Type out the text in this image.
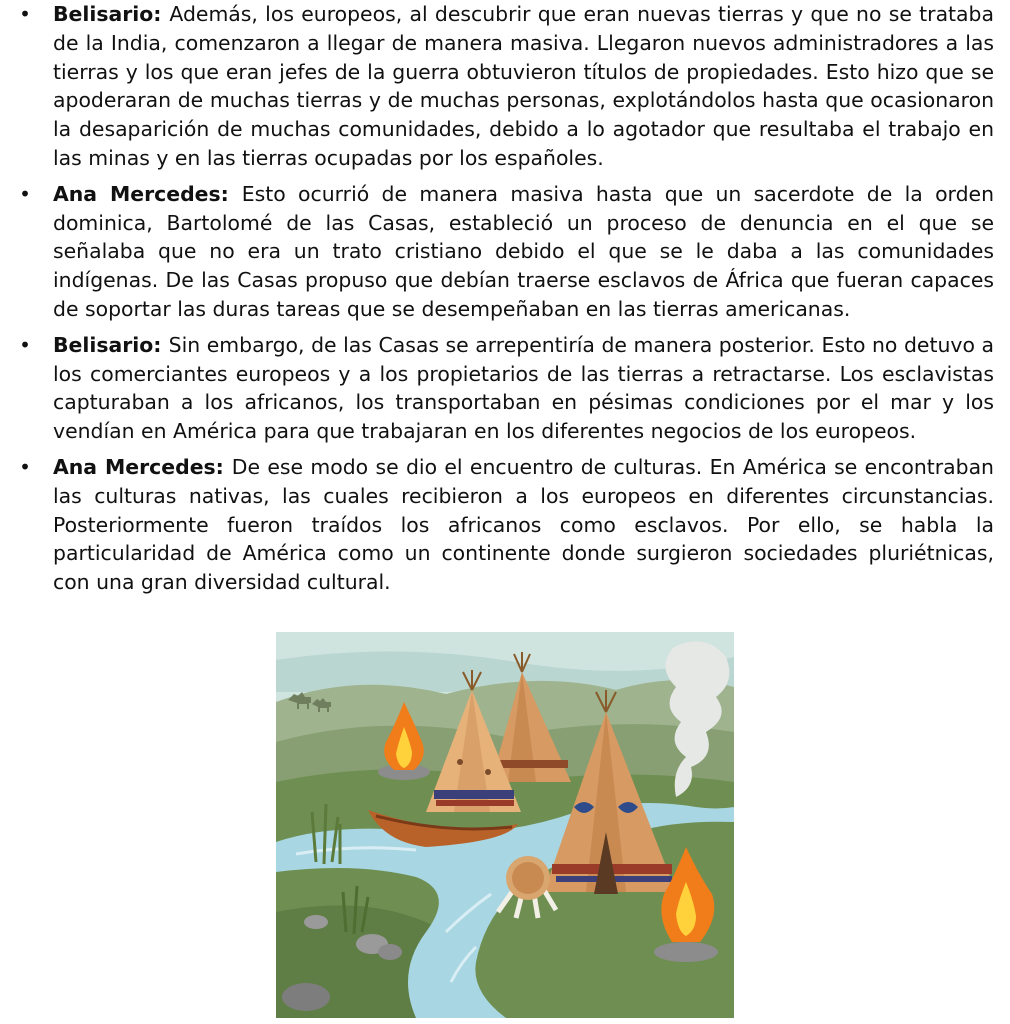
• Belisario: Además, los europeos, al descubrir que eran nuevas tierras y que no se trataba de la India, comenzaron a llegar de manera masiva. Llegaron nuevos administradores a las tierras y los que eran jefes de la guerra obtuvieron títulos de propiedades. Esto hizo que se apoderaran de muchas tierras y de muchas personas, explotándolos hasta que ocasionaron la desaparición de muchas comunidades, debido a lo agotador que resultaba el trabajo en las minas y en las tierras ocupadas por los españoles.
• Ana Mercedes: Esto ocurrió de manera masiva hasta que un sacerdote de la orden dominica, Bartolomé de las Casas, estableció un proceso de denuncia en el que se señalaba que no era un trato cristiano debido el que se le daba a las comunidades indígenas. De las Casas propuso que debían traerse esclavos de África que fueran capaces de soportar las duras tareas que se desempeñaban en las tierras americanas.
• Belisario: Sin embargo, de las Casas se arrepentiría de manera posterior. Esto no detuvo a los comerciantes europeos y a los propietarios de las tierras a retractarse. Los esclavistas capturaban a los africanos, los transportaban en pésimas condiciones por el mar y los vendían en América para que trabajaran en los diferentes negocios de los europeos.
• Ana Mercedes: De ese modo se dio el encuentro de culturas. En América se encontraban las culturas nativas, las cuales recibieron a los europeos en diferentes circunstancias. Posteriormente fueron traídos los africanos como esclavos. Por ello, se habla la particularidad de América como un continente donde surgieron sociedades pluriétnicas, con una gran diversidad cultural.
